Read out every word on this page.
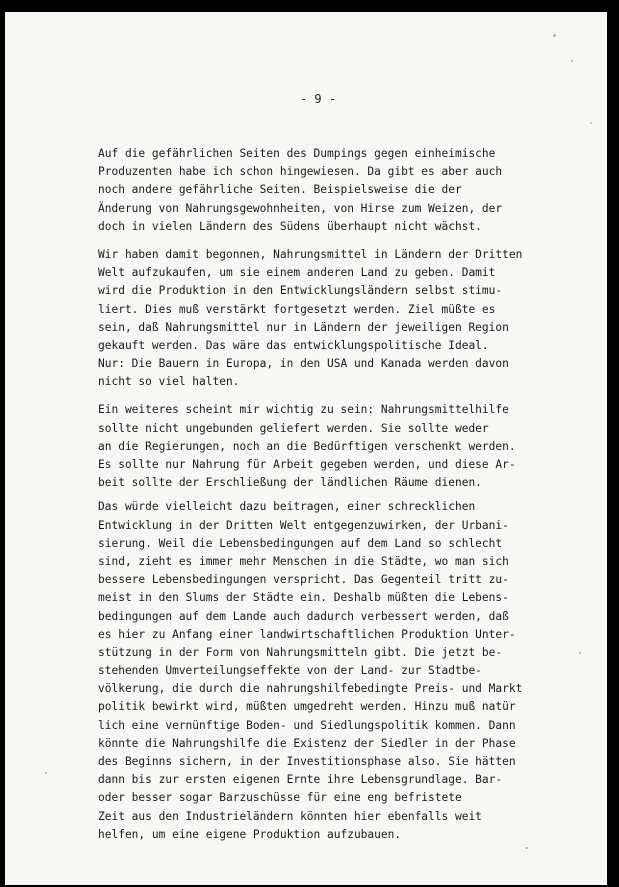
- 9 -
Auf die gefährlichen Seiten des Dumpings gegen einheimische
Produzenten habe ich schon hingewiesen. Da gibt es aber auch
noch andere gefährliche Seiten. Beispielsweise die der
Änderung von Nahrungsgewohnheiten, von Hirse zum Weizen, der
doch in vielen Ländern des Südens überhaupt nicht wächst.
Wir haben damit begonnen, Nahrungsmittel in Ländern der Dritten
Welt aufzukaufen, um sie einem anderen Land zu geben. Damit
wird die Produktion in den Entwicklungsländern selbst stimu-
liert. Dies muß verstärkt fortgesetzt werden. Ziel müßte es
sein, daß Nahrungsmittel nur in Ländern der jeweiligen Region
gekauft werden. Das wäre das entwicklungspolitische Ideal.
Nur: Die Bauern in Europa, in den USA und Kanada werden davon
nicht so viel halten.
Ein weiteres scheint mir wichtig zu sein: Nahrungsmittelhilfe
sollte nicht ungebunden geliefert werden. Sie sollte weder
an die Regierungen, noch an die Bedürftigen verschenkt werden.
Es sollte nur Nahrung für Arbeit gegeben werden, und diese Ar-
beit sollte der Erschließung der ländlichen Räume dienen.
Das würde vielleicht dazu beitragen, einer schrecklichen
Entwicklung in der Dritten Welt entgegenzuwirken, der Urbani-
sierung. Weil die Lebensbedingungen auf dem Land so schlecht
sind, zieht es immer mehr Menschen in die Städte, wo man sich
bessere Lebensbedingungen verspricht. Das Gegenteil tritt zu-
meist in den Slums der Städte ein. Deshalb müßten die Lebens-
bedingungen auf dem Lande auch dadurch verbessert werden, daß
es hier zu Anfang einer landwirtschaftlichen Produktion Unter-
stützung in der Form von Nahrungsmitteln gibt. Die jetzt be-
stehenden Umverteilungseffekte von der Land- zur Stadtbe-
völkerung, die durch die nahrungshilfebedingte Preis- und Markt
politik bewirkt wird, müßten umgedreht werden. Hinzu muß natür
lich eine vernünftige Boden- und Siedlungspolitik kommen. Dann
könnte die Nahrungshilfe die Existenz der Siedler in der Phase
des Beginns sichern, in der Investitionsphase also. Sie hätten
dann bis zur ersten eigenen Ernte ihre Lebensgrundlage. Bar-
oder besser sogar Barzuschüsse für eine eng befristete
Zeit aus den Industrieländern könnten hier ebenfalls weit
helfen, um eine eigene Produktion aufzubauen.
